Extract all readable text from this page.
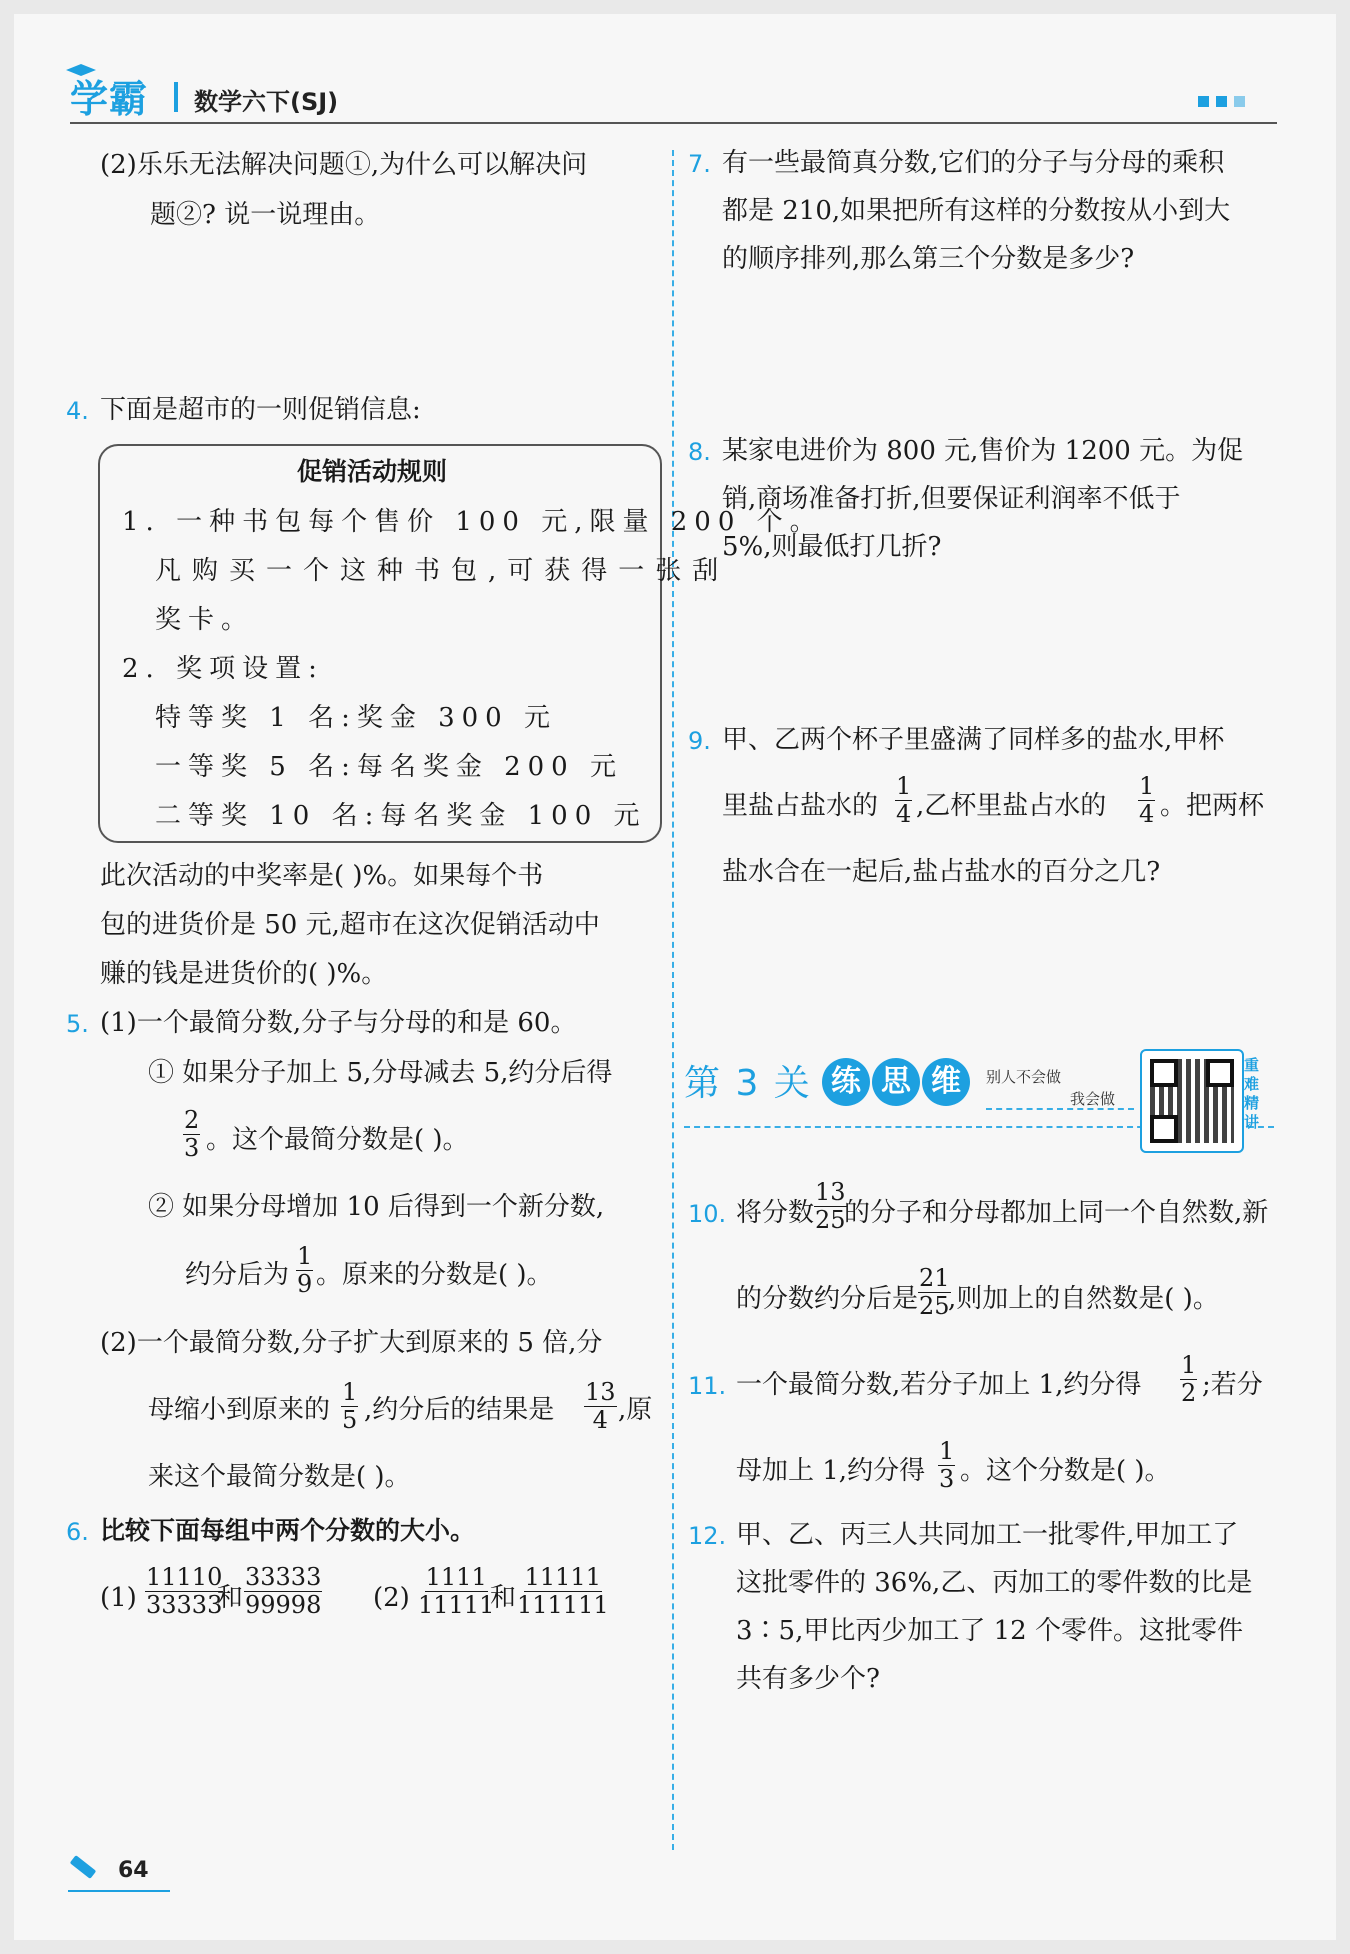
学霸 数学六下(SJ)
(2)乐乐无法解决问题①,为什么可以解决问
题②? 说一说理由。
4. 下面是超市的一则促销信息:
促销活动规则
1. 一种书包每个售价 100 元,限量 200 个。
凡购买一个这种书包,可获得一张刮
奖卡。
2. 奖项设置:
特等奖 1 名:奖金 300 元
一等奖 5 名:每名奖金 200 元
二等奖 10 名:每名奖金 100 元
此次活动的中奖率是( )%。如果每个书
包的进货价是 50 元,超市在这次促销活动中
赚的钱是进货价的( )%。
5. (1)一个最简分数,分子与分母的和是 60。
① 如果分子加上 5,分母减去 5,约分后得
$\frac{2}{3}$ 。这个最简分数是( )。
② 如果分母增加 10 后得到一个新分数,
约分后为 $\frac{1}{9}$ 。原来的分数是( )。
(2)一个最简分数,分子扩大到原来的 5 倍,分
母缩小到原来的 $\frac{1}{5}$ ,约分后的结果是 $\frac{13}{4}$ ,原
来这个最简分数是( )。
6. 比较下面每组中两个分数的大小。
$(1) \frac{11110}{33333}$
和 $\frac{33333}{99998} (2) \frac{1111}{11111}$
和 $\frac{11111}{111111}$
7. 有一些最简真分数,它们的分子与分母的乘积
都是 210,如果把所有这样的分数按从小到大
的顺序排列,那么第三个分数是多少?
8. 某家电进价为 800 元,售价为 1200 元。为促
销,商场准备打折,但要保证利润率不低于
5%,则最低打几折?
9. 甲、乙两个杯子里盛满了同样多的盐水,甲杯
里盐占盐水的 $\frac{1}{4}$ ,乙杯里盐占水的 $\frac{1}{4}$ 。把两杯
盐水合在一起后,盐占盐水的百分之几?
第 3 关 练 思 维	别人不会做
我会做
重难精讲
10. 将分数 $\frac{13}{25}$
的分子和分母都加上同一个自然数,新
的分数约分后是 $\frac{21}{25}$
,则加上的自然数是( )。
11. 一个最简分数,若分子加上 1,约分得 $\frac{1}{2}$ ;若分
母加上 1,约分得 $\frac{1}{3}$ 。这个分数是( )。
12. 甲、乙、丙三人共同加工一批零件,甲加工了
这批零件的 36%,乙、丙加工的零件数的比是
3∶5,甲比丙少加工了 12 个零件。这批零件
共有多少个?
64
